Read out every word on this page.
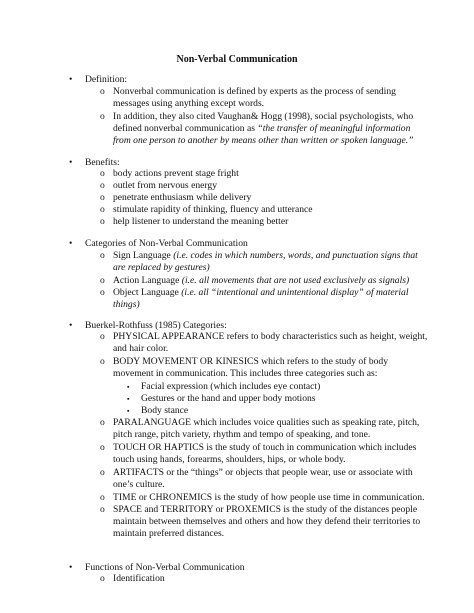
Non-Verbal Communication
• Definition:
o Nonverbal communication is defined by experts as the process of sending messages using anything except words.
o In addition, they also cited Vaughan& Hogg (1998), social psychologists, who defined nonverbal communication as “the transfer of meaningful information from one person to another by means other than written or spoken language.”
• Benefits:
o body actions prevent stage fright
o outlet from nervous energy
o penetrate enthusiasm while delivery
o stimulate rapidity of thinking, fluency and utterance
o help listener to understand the meaning better
• Categories of Non-Verbal Communication
o Sign Language (i.e. codes in which numbers, words, and punctuation signs that are replaced by gestures)
o Action Language (i.e. all movements that are not used exclusively as signals)
o Object Language (i.e. all “intentional and unintentional display” of material things)
• Buerkel-Rothfuss (1985) Categories:
o PHYSICAL APPEARANCE refers to body characteristics such as height, weight, and hair color.
o BODY MOVEMENT OR KINESICS which refers to the study of body movement in communication. This includes three categories such as:
▪ Facial expression (which includes eye contact)
▪ Gestures or the hand and upper body motions
▪ Body stance
o PARALANGUAGE which includes voice qualities such as speaking rate, pitch, pitch range, pitch variety, rhythm and tempo of speaking, and tone.
o TOUCH OR HAPTICS is the study of touch in communication which includes touch using hands, forearms, shoulders, hips, or whole body.
o ARTIFACTS or the “things” or objects that people wear, use or associate with one’s culture.
o TIME or CHRONEMICS is the study of how people use time in communication.
o SPACE and TERRITORY or PROXEMICS is the study of the distances people maintain between themselves and others and how they defend their territories to maintain preferred distances.
• Functions of Non-Verbal Communication
o Identification
